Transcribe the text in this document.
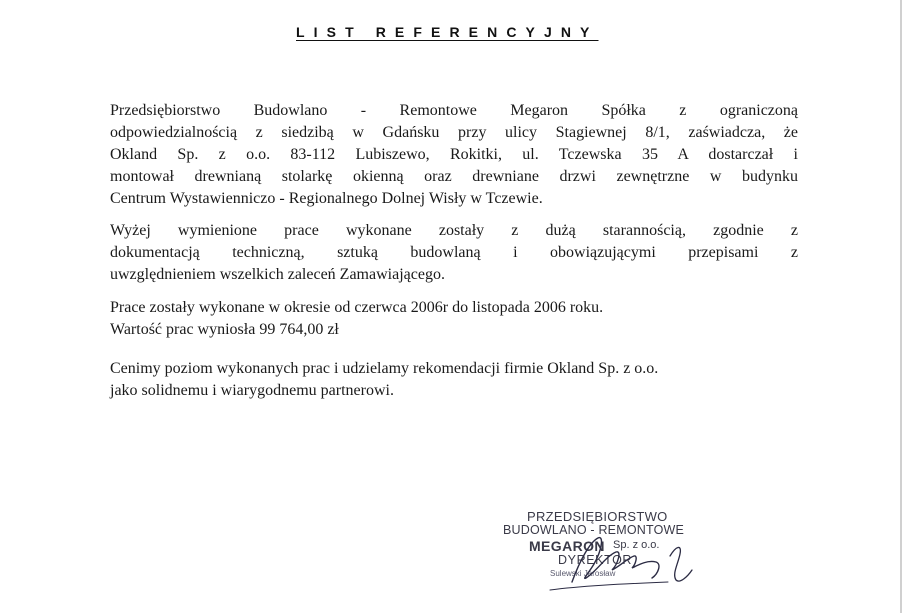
LIST REFERENCYJNY
Przedsiębiorstwo Budowlano - Remontowe Megaron Spółka z ograniczoną
odpowiedzialnością z siedzibą w Gdańsku przy ulicy Stagiewnej 8/1, zaświadcza, że
Okland Sp. z o.o. 83-112 Lubiszewo, Rokitki, ul. Tczewska 35 A dostarczał i
montował drewnianą stolarkę okienną oraz drewniane drzwi zewnętrzne w budynku
Centrum Wystawienniczo - Regionalnego Dolnej Wisły w Tczewie.
Wyżej wymienione prace wykonane zostały z dużą starannością, zgodnie z
dokumentacją techniczną, sztuką budowlaną i obowiązującymi przepisami z
uwzględnieniem wszelkich zaleceń Zamawiającego.
Prace zostały wykonane w okresie od czerwca 2006r do listopada 2006 roku.
Wartość prac wyniosła 99 764,00 zł
Cenimy poziom wykonanych prac i udzielamy rekomendacji firmie Okland Sp. z o.o.
jako solidnemu i wiarygodnemu partnerowi.
PRZEDSIĘBIORSTWO
BUDOWLANO - REMONTOWE
MEGARON Sp. z o.o.
DYREKTOR
Sulewski Jarosław
